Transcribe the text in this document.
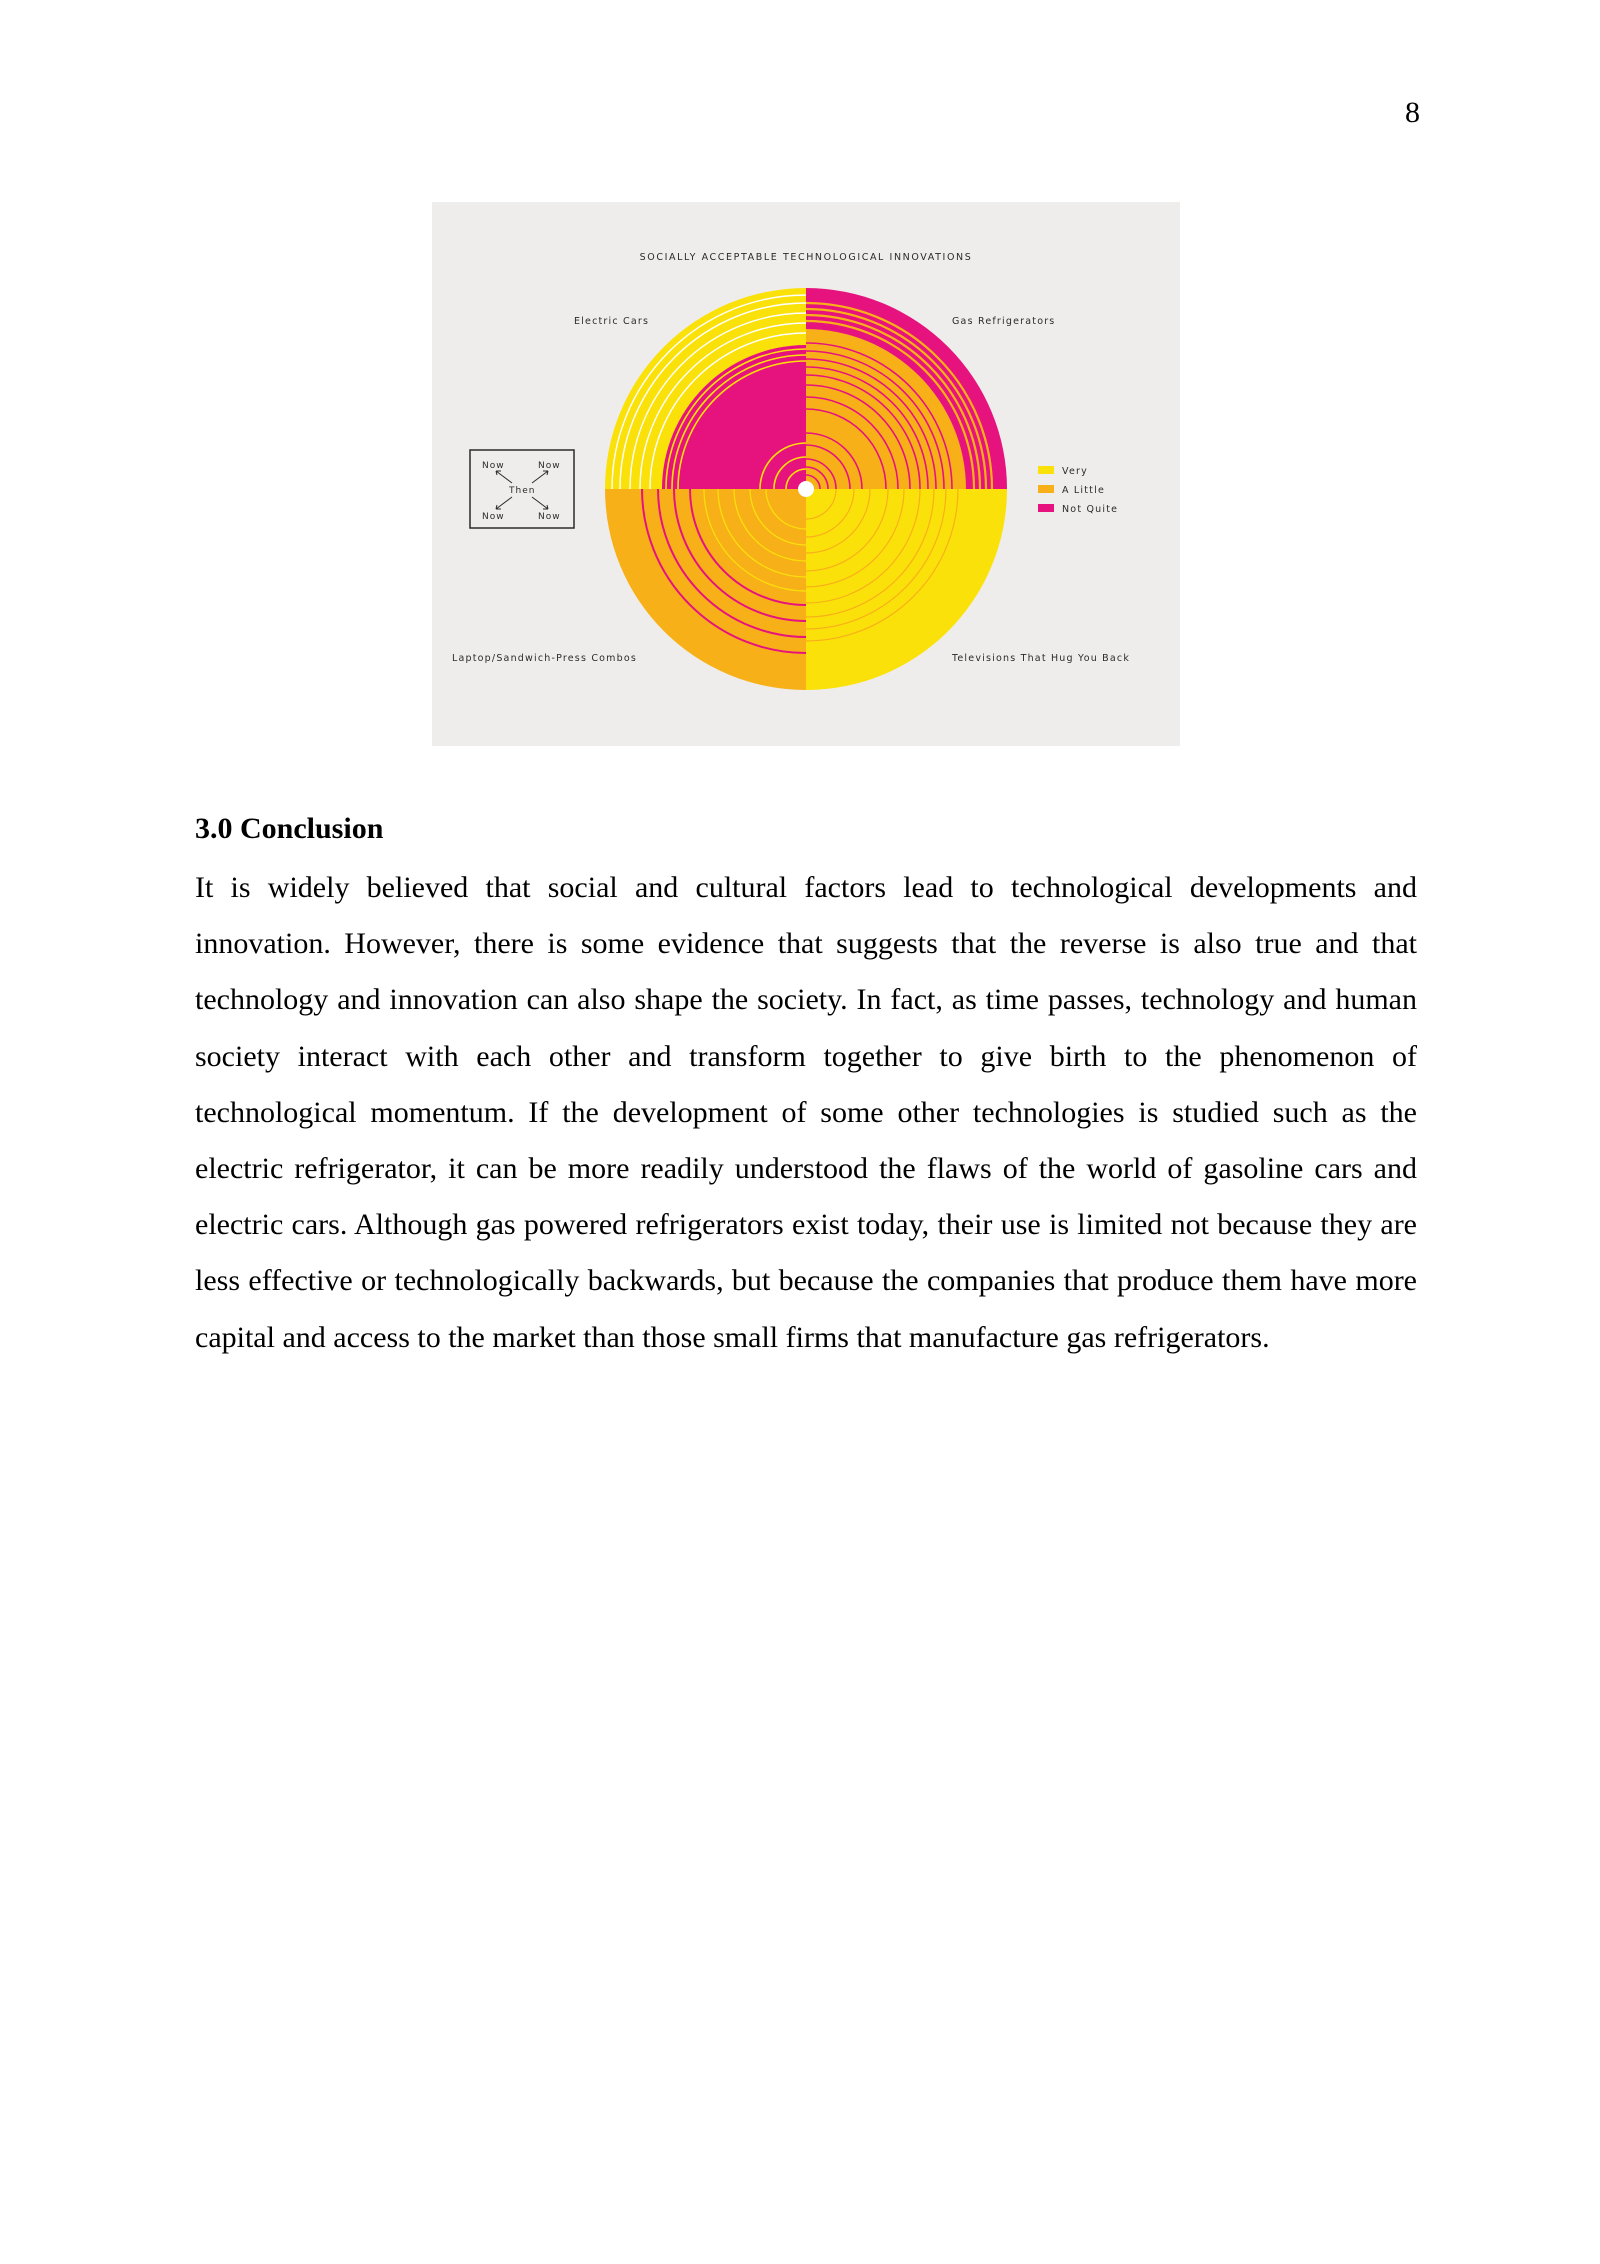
8
SOCIALLY ACCEPTABLE TECHNOLOGICAL INNOVATIONS
Electric Cars	Gas Refrigerators
Laptop/Sandwich-Press Combos	Televisions That Hug You Back
Now	Now
Then
Now	Now
Very
A Little
Not Quite
3.0 Conclusion

It is widely believed that social and cultural factors lead to technological developments and innovation. However, there is some evidence that suggests that the reverse is also true and that technology and innovation can also shape the society. In fact, as time passes, technology and human society interact with each other and transform together to give birth to the phenomenon of technological momentum. If the development of some other technologies is studied such as the electric refrigerator, it can be more readily understood the flaws of the world of gasoline cars and electric cars. Although gas powered refrigerators exist today, their use is limited not because they are less effective or technologically backwards, but because the companies that produce them have more capital and access to the market than those small firms that manufacture gas refrigerators.
